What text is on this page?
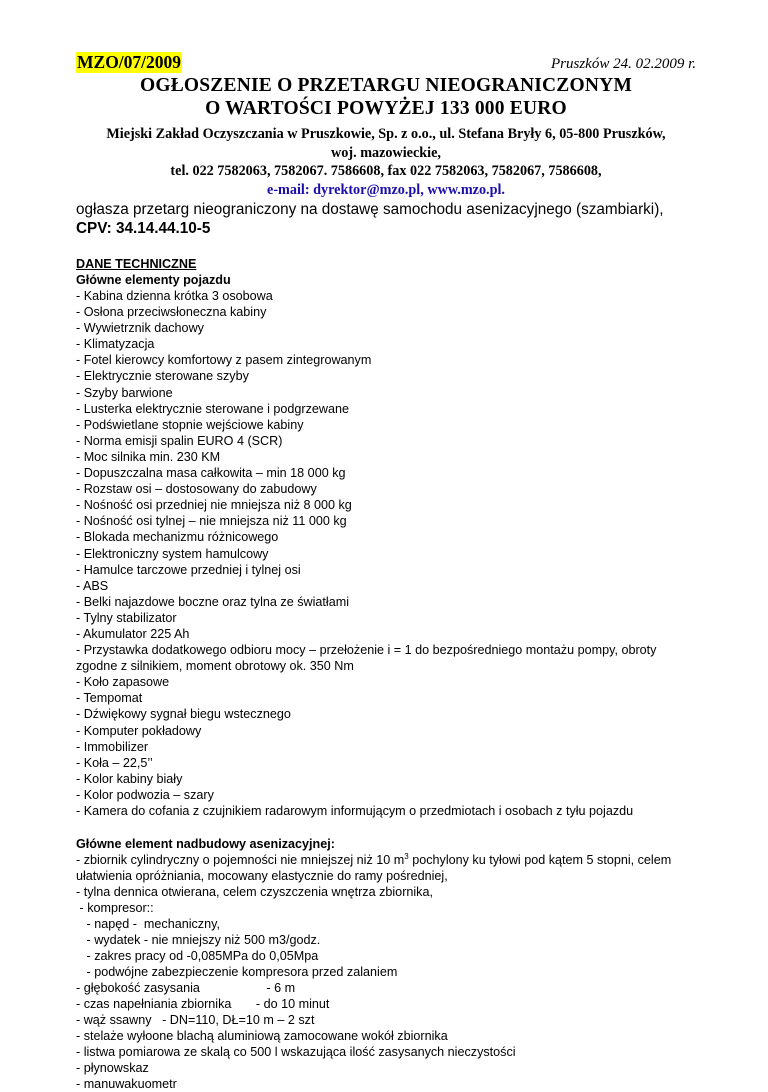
MZO/07/2009	Pruszków 24. 02.2009 r.
OGŁOSZENIE O PRZETARGU NIEOGRANICZONYM
O WARTOŚCI POWYŻEJ 133 000 EURO
Miejski Zakład Oczyszczania w Pruszkowie, Sp. z o.o., ul. Stefana Bryły 6, 05-800 Pruszków,
woj. mazowieckie,
tel. 022 7582063, 7582067. 7586608, fax 022 7582063, 7582067, 7586608,
e-mail: dyrektor@mzo.pl, www.mzo.pl.
ogłasza przetarg nieograniczony na dostawę samochodu asenizacyjnego (szambiarki),
CPV: 34.14.44.10-5
DANE TECHNICZNE
Główne elementy pojazdu
- Kabina dzienna krótka 3 osobowa
- Osłona przeciwsłoneczna kabiny
- Wywietrznik dachowy
- Klimatyzacja
- Fotel kierowcy komfortowy z pasem zintegrowanym
- Elektrycznie sterowane szyby
- Szyby barwione
- Lusterka elektrycznie sterowane i podgrzewane
- Podświetlane stopnie wejściowe kabiny
- Norma emisji spalin EURO 4 (SCR)
- Moc silnika min. 230 KM
- Dopuszczalna masa całkowita – min 18 000 kg
- Rozstaw osi – dostosowany do zabudowy
- Nośność osi przedniej nie mniejsza niż 8 000 kg
- Nośność osi tylnej – nie mniejsza niż 11 000 kg
- Blokada mechanizmu różnicowego
- Elektroniczny system hamulcowy
- Hamulce tarczowe przedniej i tylnej osi
- ABS
- Belki najazdowe boczne oraz tylna ze światłami
- Tylny stabilizator
- Akumulator 225 Ah
- Przystawka dodatkowego odbioru mocy – przełożenie i = 1 do bezpośredniego montażu pompy, obroty zgodne z silnikiem, moment obrotowy ok. 350 Nm
- Koło zapasowe
- Tempomat
- Dźwiękowy sygnał biegu wstecznego
- Komputer pokładowy
- Immobilizer
- Koła – 22,5’’
- Kolor kabiny biały
- Kolor podwozia – szary
- Kamera do cofania z czujnikiem radarowym informującym o przedmiotach i osobach z tyłu pojazdu
Główne element nadbudowy asenizacyjnej:
- zbiornik cylindryczny o pojemności nie mniejszej niż 10 $m^3$ pochylony ku tyłowi pod kątem 5 stopni, celem ułatwienia opróżniania, mocowany elastycznie do ramy pośredniej,
- tylna dennica otwierana, celem czyszczenia wnętrza zbiornika,
- kompresor::
- napęd -  mechaniczny,
- wydatek - nie mniejszy niż 500 m3/godz.
- zakres pracy od -0,085MPa do 0,05Mpa
- podwójne zabezpieczenie kompresora przed zalaniem
- głębokość zasysania                   - 6 m
- czas napełniania zbiornika       - do 10 minut
- wąż ssawny   - DN=110, DŁ=10 m – 2 szt
- stelaże wyłoone blachą aluminiową zamocowane wokół zbiornika
- listwa pomiarowa ze skalą co 500 l wskazująca ilość zasysanych nieczystości
- płynowskaz
- manuwakuometr
